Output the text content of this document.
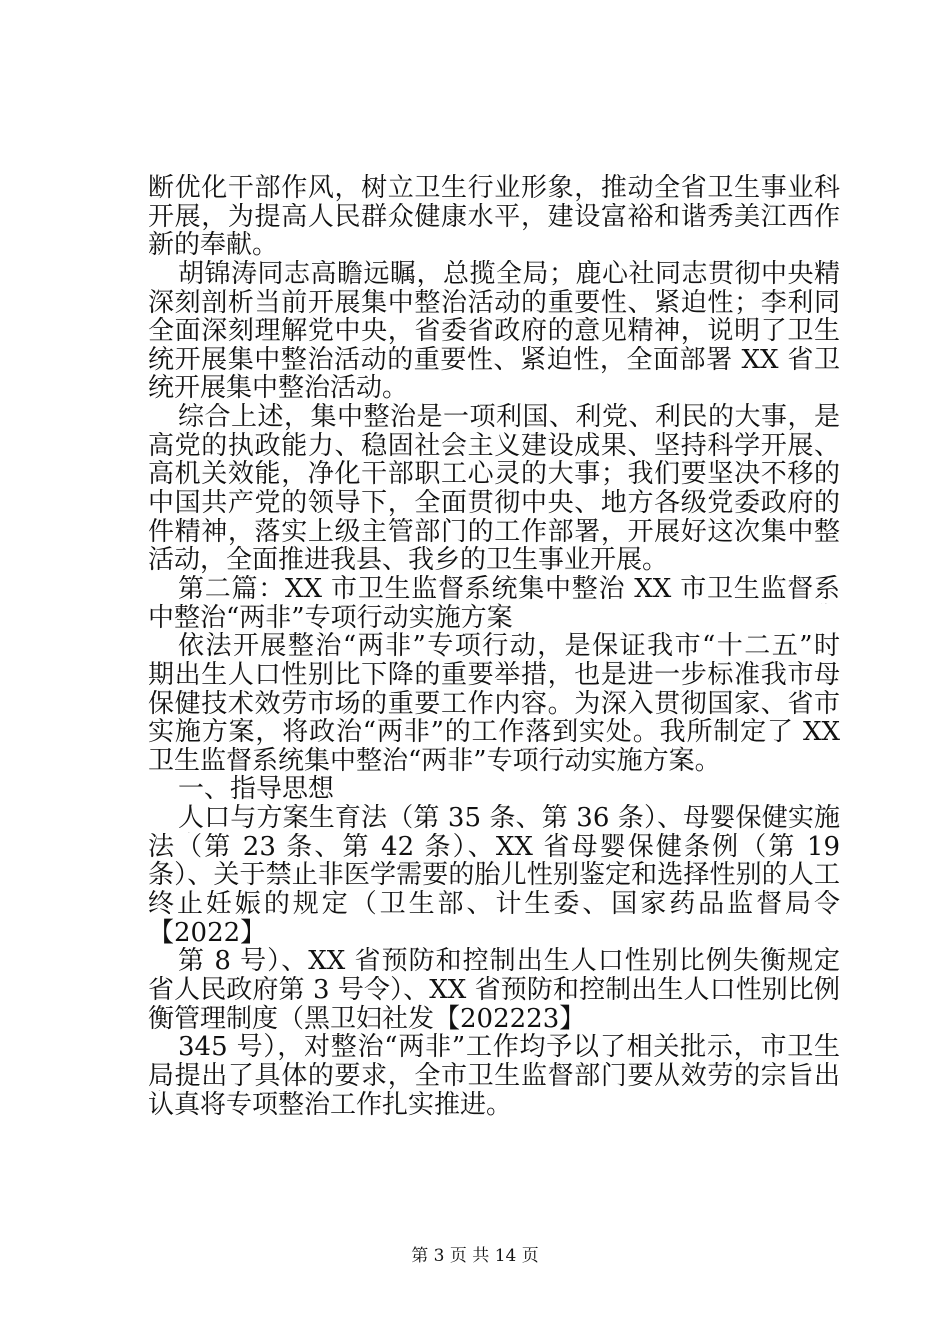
断优化干部作风，树立卫生行业形象，推动全省卫生事业科
开展，为提高人民群众健康水平，建设富裕和谐秀美江西作
新的奉献。
胡锦涛同志高瞻远瞩，总揽全局；鹿心社同志贯彻中央精
深刻剖析当前开展集中整治活动的重要性、紧迫性；李利同
全面深刻理解党中央，省委省政府的意见精神，说明了卫生
统开展集中整治活动的重要性、紧迫性，全面部署 XX 省卫
统开展集中整治活动。
综合上述，集中整治是一项利国、利党、利民的大事，是
高党的执政能力、稳固社会主义建设成果、坚持科学开展、
高机关效能，净化干部职工心灵的大事；我们要坚决不移的
中国共产党的领导下，全面贯彻中央、地方各级党委政府的
件精神，落实上级主管部门的工作部署，开展好这次集中整
活动，全面推进我县、我乡的卫生事业开展。
第二篇：XX 市卫生监督系统集中整治 XX 市卫生监督系
中整治“两非”专项行动实施方案
依法开展整治“两非”专项行动，是保证我市“十二五”时
期出生人口性别比下降的重要举措，也是进一步标准我市母
保健技术效劳市场的重要工作内容。为深入贯彻国家、省市
实施方案，将政治“两非”的工作落到实处。我所制定了 XX
卫生监督系统集中整治“两非”专项行动实施方案。
一、指导思想
人口与方案生育法（第 35 条、第 36 条）、母婴保健实施
法（第 23 条、第 42 条）、XX 省母婴保健条例（第 19
条）、关于禁止非医学需要的胎儿性别鉴定和选择性别的人工
终止妊娠的规定（卫生部、计生委、国家药品监督局令
【2022】
第 8 号）、XX 省预防和控制出生人口性别比例失衡规定
省人民政府第 3 号令）、XX 省预防和控制出生人口性别比例
衡管理制度（黑卫妇社发【202223】
345 号），对整治“两非”工作均予以了相关批示，市卫生
局提出了具体的要求，全市卫生监督部门要从效劳的宗旨出
认真将专项整治工作扎实推进。
第 3 页 共 14 页
